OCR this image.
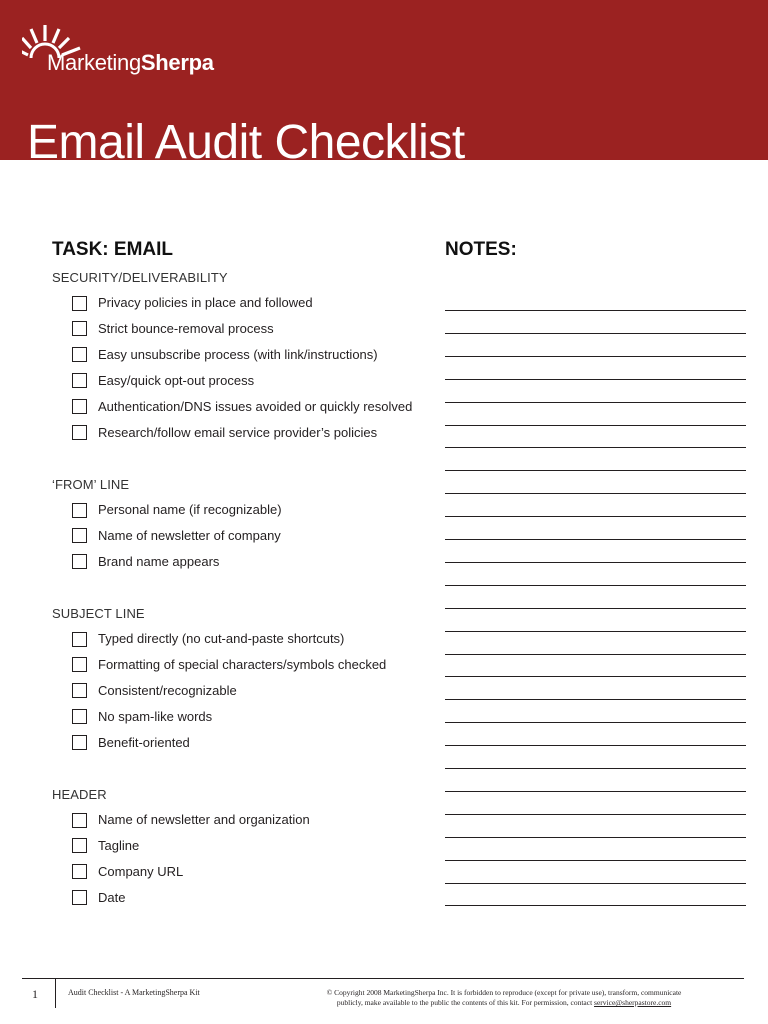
MarketingSherpa
Email Audit Checklist
TASK: EMAIL	NOTES:
SECURITY/DELIVERABILITY
Privacy policies in place and followed
Strict bounce-removal process
Easy unsubscribe process (with link/instructions)
Easy/quick opt-out process
Authentication/DNS issues avoided or quickly resolved
Research/follow email service provider’s policies
‘FROM’ LINE
Personal name (if recognizable)
Name of newsletter of company
Brand name appears
SUBJECT LINE
Typed directly (no cut-and-paste shortcuts)
Formatting of special characters/symbols checked
Consistent/recognizable
No spam-like words
Benefit-oriented
HEADER
Name of newsletter and organization
Tagline
Company URL
Date
1	Audit Checklist - A MarketingSherpa Kit	© Copyright 2008 MarketingSherpa Inc. It is forbidden to reproduce (except for private use), transform, communicate
publicly, make available to the public the contents of this kit. For permission, contact service@sherpastore.com
